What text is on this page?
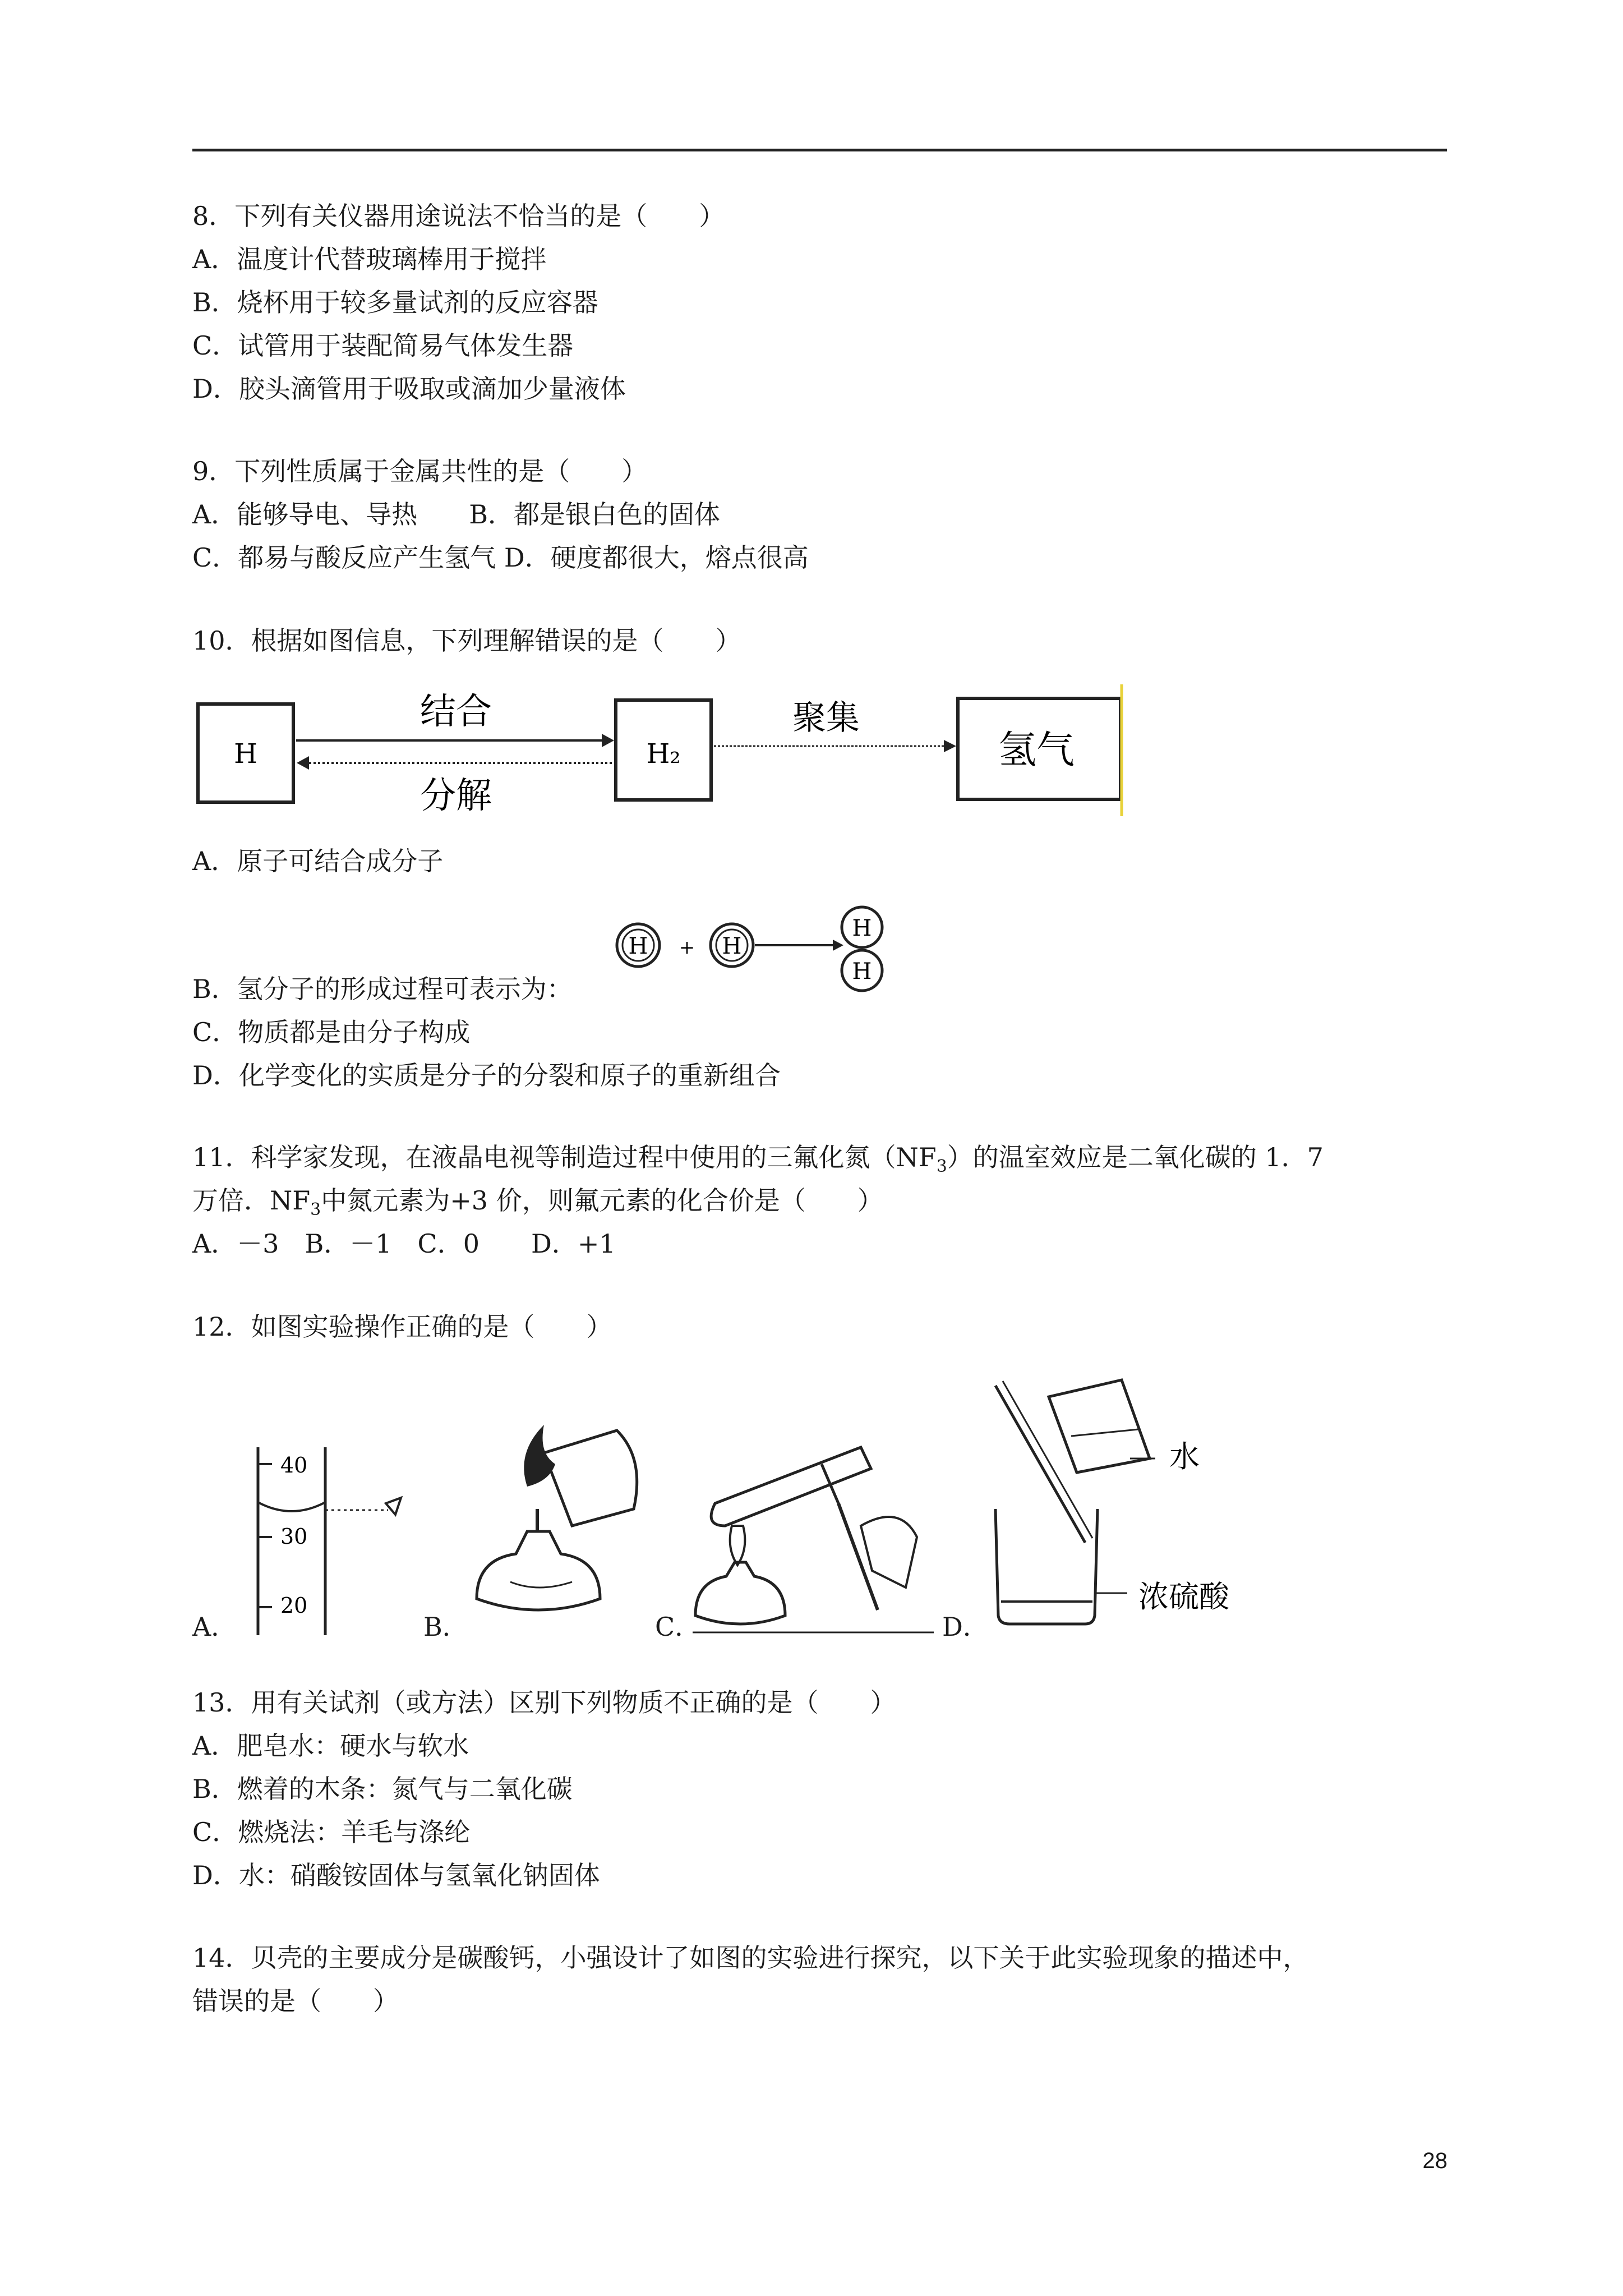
8．下列有关仪器用途说法不恰当的是（　　）
A．温度计代替玻璃棒用于搅拌
B．烧杯用于较多量试剂的反应容器
C．试管用于装配简易气体发生器
D．胶头滴管用于吸取或滴加少量液体
9．下列性质属于金属共性的是（　　）
A．能够导电、导热　　B．都是银白色的固体
C．都易与酸反应产生氢气 D．硬度都很大，熔点很高
10．根据如图信息，下列理解错误的是（　　）
H
结合
分解
H₂
聚集
氢气
A．原子可结合成分子
H + H
H
H
B．氢分子的形成过程可表示为：
C．物质都是由分子构成
D．化学变化的实质是分子的分裂和原子的重新组合
11．科学家发现，在液晶电视等制造过程中使用的三氟化氮$(NF_3)$的温室效应是二氧化碳的 1．7
万倍．$NF_3$中氮元素为+3 价，则氟元素的化合价是（　　）
A．－3　B．－1　C．0　　D．+1
12．如图实验操作正确的是（　　）
A．	B．	C．	D．
40
30
20
水
浓硫酸
13．用有关试剂（或方法）区别下列物质不正确的是（　　）
A．肥皂水：硬水与软水
B．燃着的木条：氮气与二氧化碳
C．燃烧法：羊毛与涤纶
D．水：硝酸铵固体与氢氧化钠固体
14．贝壳的主要成分是碳酸钙，小强设计了如图的实验进行探究，以下关于此实验现象的描述中，
错误的是（　　）
28
